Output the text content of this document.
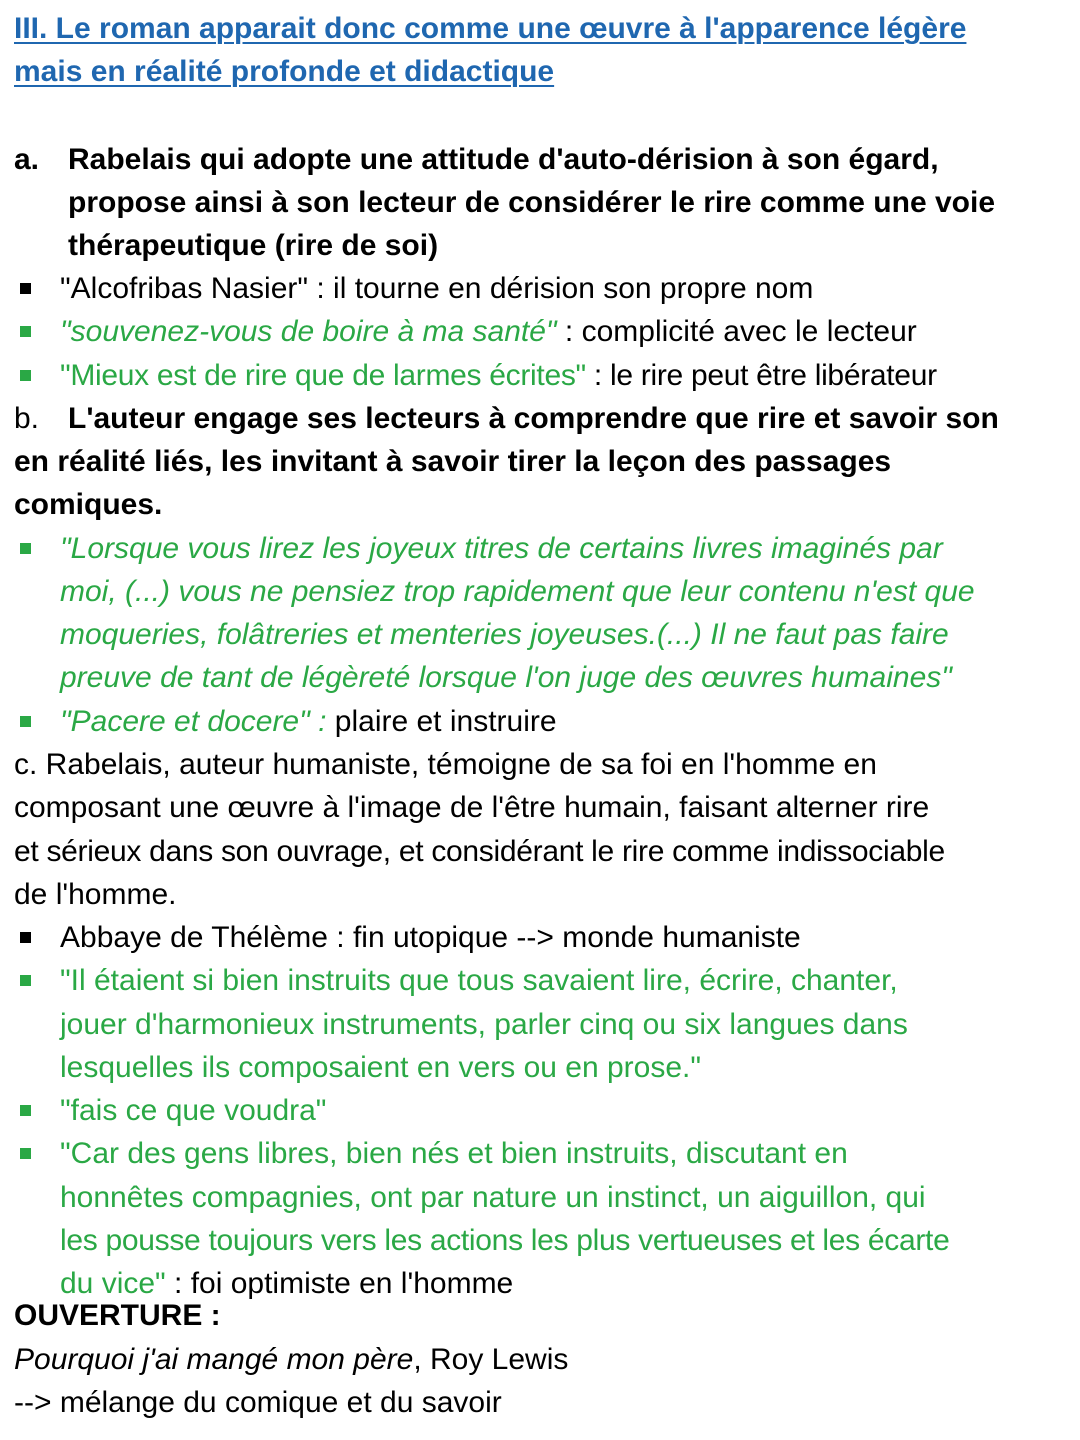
III. Le roman apparait donc comme une œuvre à l'apparence légère
mais en réalité profonde et didactique
a. Rabelais qui adopte une attitude d'auto-dérision à son égard,
propose ainsi à son lecteur de considérer le rire comme une voie
thérapeutique (rire de soi)
"Alcofribas Nasier" : il tourne en dérision son propre nom
"souvenez-vous de boire à ma santé" : complicité avec le lecteur
"Mieux est de rire que de larmes écrites" : le rire peut être libérateur
b. L'auteur engage ses lecteurs à comprendre que rire et savoir son
en réalité liés, les invitant à savoir tirer la leçon des passages
comiques.
"Lorsque vous lirez les joyeux titres de certains livres imaginés par
moi, (...) vous ne pensiez trop rapidement que leur contenu n'est que
moqueries, folâtreries et menteries joyeuses.(...) Il ne faut pas faire
preuve de tant de légèreté lorsque l'on juge des œuvres humaines"
"Pacere et docere" : plaire et instruire
c. Rabelais, auteur humaniste, témoigne de sa foi en l'homme en
composant une œuvre à l'image de l'être humain, faisant alterner rire
et sérieux dans son ouvrage, et considérant le rire comme indissociable
de l'homme.
Abbaye de Thélème : fin utopique --> monde humaniste
"Il étaient si bien instruits que tous savaient lire, écrire, chanter,
jouer d'harmonieux instruments, parler cinq ou six langues dans
lesquelles ils composaient en vers ou en prose."
"fais ce que voudra"
"Car des gens libres, bien nés et bien instruits, discutant en
honnêtes compagnies, ont par nature un instinct, un aiguillon, qui
les pousse toujours vers les actions les plus vertueuses et les écarte
du vice" : foi optimiste en l'homme
OUVERTURE :
Pourquoi j'ai mangé mon père, Roy Lewis
--> mélange du comique et du savoir
